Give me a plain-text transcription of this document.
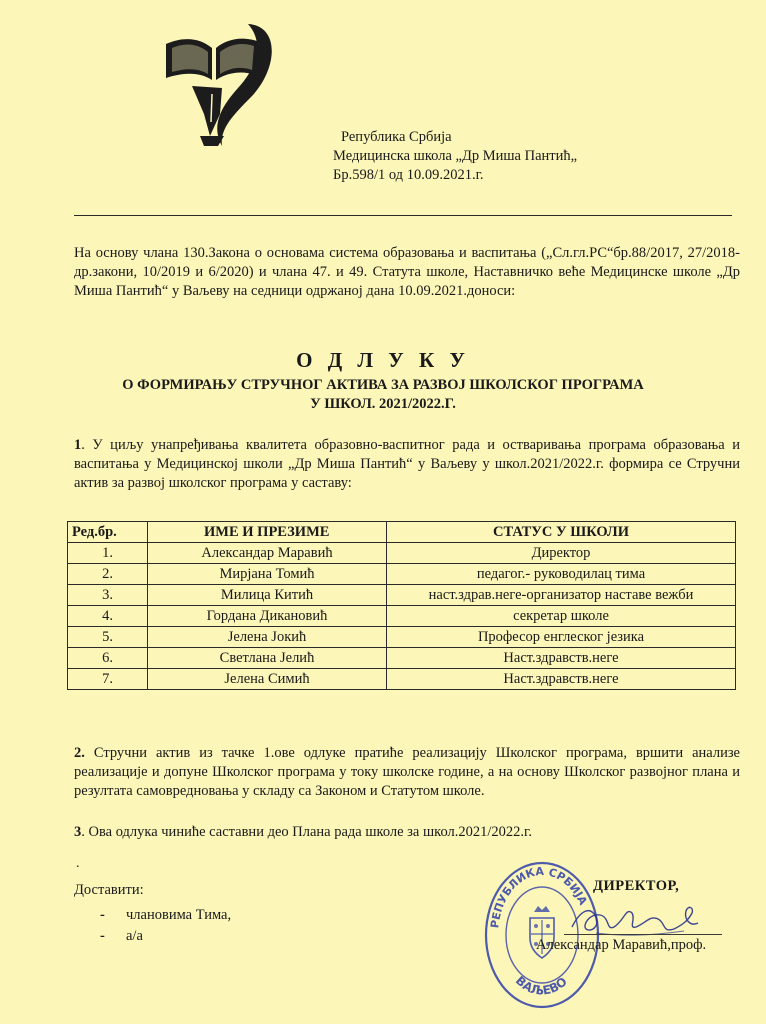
Република Србија
Медицинска школа „Др Миша Пантић„
Бр.598/1 од 10.09.2021.г.

На основу члана 130.Закона о основама система образовања и васпитања („Сл.гл.РС“бр.88/2017, 27/2018-др.закони, 10/2019 и 6/2020) и члана 47. и 49. Статута школе, Наставничко веће Медицинске школе „Др Миша Пантић“ у Ваљеву на седници одржаној дана 10.09.2021.доноси:

О Д Л У К У
О ФОРМИРАЊУ СТРУЧНОГ АКТИВА ЗА РАЗВОЈ ШКОЛСКОГ ПРОГРАМА
У ШКОЛ. 2021/2022.Г.

1. У циљу унапређивања квалитета образовно-васпитног рада и остваривања програма образовања и васпитања у Медицинској школи „Др Миша Пантић“ у Ваљеву у школ.2021/2022.г. формира се Стручни актив за развој школског програма у саставу:

Ред.бр.	ИМЕ И ПРЕЗИМЕ	СТАТУС У ШКОЛИ
1.	Александар Маравић	Директор
2.	Мирјана Томић	педагог.- руководилац тима
3.	Милица Китић	наст.здрав.неге-организатор наставе вежби
4.	Гордана Дикановић	секретар школе
5.	Јелена Јокић	Професор енглеског језика
6.	Светлана Јелић	Наст.здравств.неге
7.	Јелена Симић	Наст.здравств.неге

2. Стручни актив из тачке 1.ове одлуке пратиће реализацију Школског програма, вршити анализе реализације и допуне Школског програма у току школске године, а на основу Школског развојног плана и резултата самовредновања у складу са Законом и Статутом школе.

3. Ова одлука чиниће саставни део Плана рада школе за школ.2021/2022.г.

.
Доставити:
- члановима Тима,
- а/а
РЕПУБЛИКА СРБИЈА
ВАЉЕВО
ДИРЕКТОР,
Александар Маравић,проф.
